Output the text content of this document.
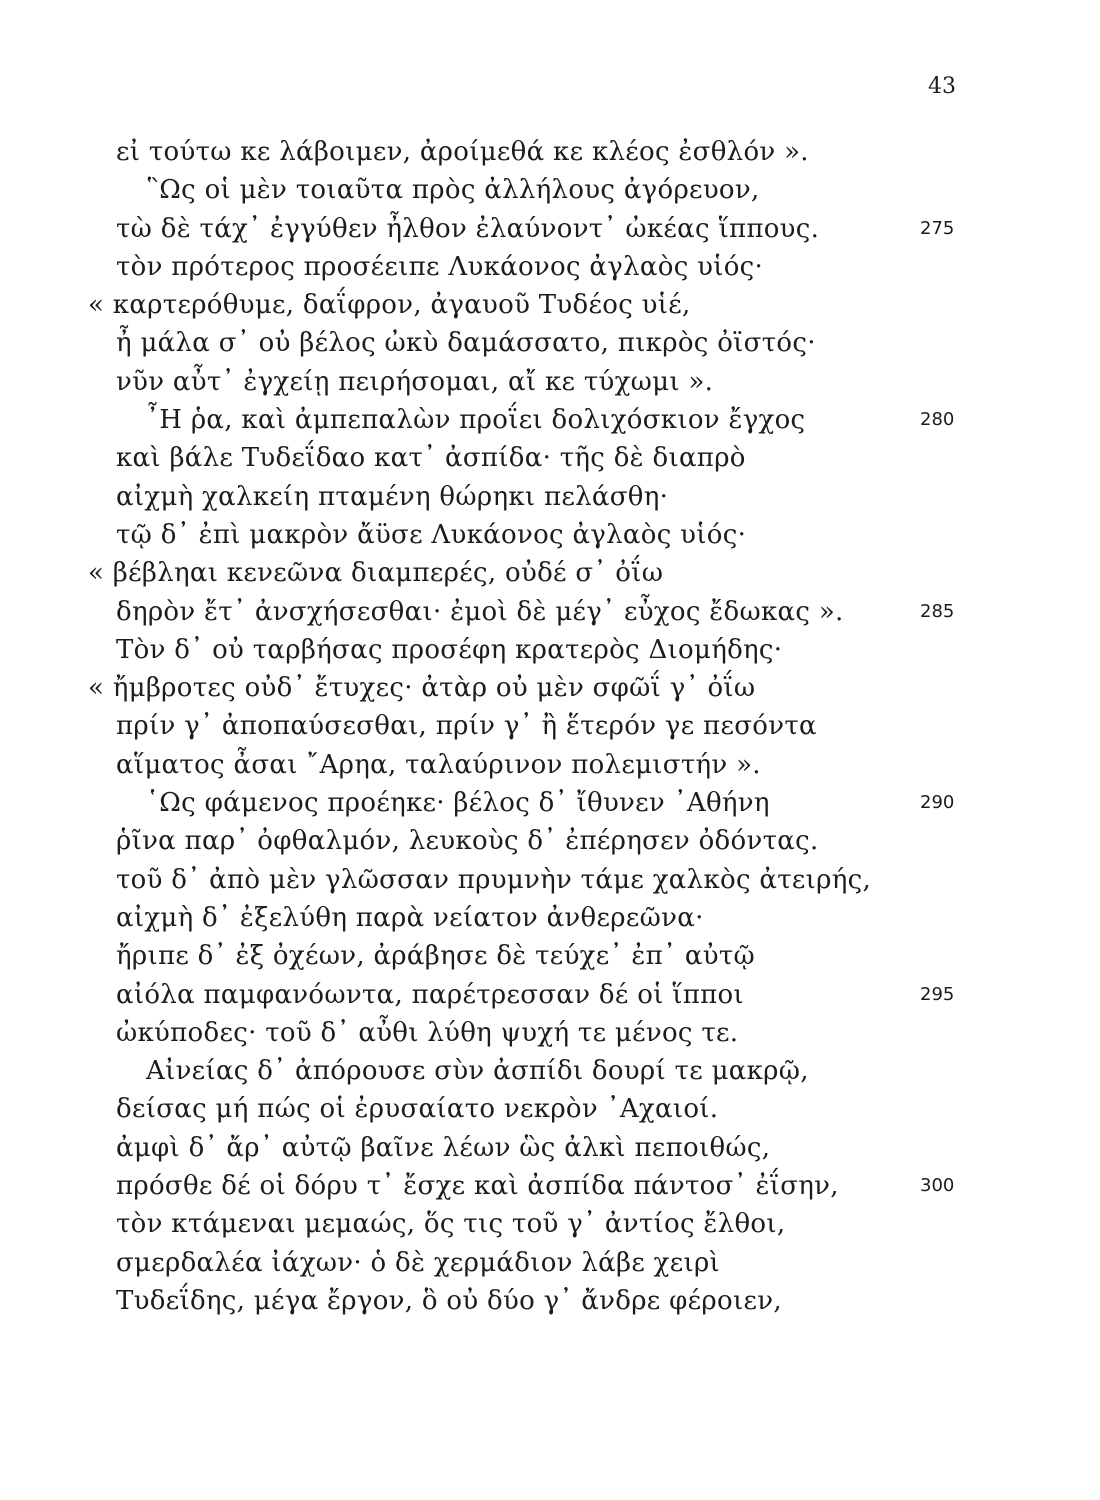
43
εἰ τούτω κε λάβοιμεν, ἀροίμεθά κε κλέος ἐσθλόν ».
῝Ως οἱ μὲν τοιαῦτα πρὸς ἀλλήλους ἀγόρευον,
τὼ δὲ τάχ᾽ ἐγγύθεν ἦλθον ἐλαύνοντ᾽ ὠκέας ἵππους.	275
τὸν πρότερος προσέειπε Λυκάονος ἀγλαὸς υἱός·
« καρτερόθυμε, δαΐφρον, ἀγαυοῦ Τυδέος υἱέ,
ἦ μάλα σ᾽ οὐ βέλος ὠκὺ δαμάσσατο, πικρὸς ὀϊστός·
νῦν αὖτ᾽ ἐγχείῃ πειρήσομαι, αἴ κε τύχωμι ».
῏Η ῥα, καὶ ἀμπεπαλὼν προΐει δολιχόσκιον ἔγχος	280
καὶ βάλε Τυδεΐδαο κατ᾽ ἀσπίδα· τῆς δὲ διαπρὸ
αἰχμὴ χαλκείη πταμένη θώρηκι πελάσθη·
τῷ δ᾽ ἐπὶ μακρὸν ἄϋσε Λυκάονος ἀγλαὸς υἱός·
« βέβληαι κενεῶνα διαμπερές, οὐδέ σ᾽ ὀΐω
δηρὸν ἔτ᾽ ἀνσχήσεσθαι· ἐμοὶ δὲ μέγ᾽ εὖχος ἔδωκας ».	285
Τὸν δ᾽ οὐ ταρβήσας προσέφη κρατερὸς Διομήδης·
« ἤμβροτες οὐδ᾽ ἔτυχες· ἀτὰρ οὐ μὲν σφῶΐ γ᾽ ὀΐω
πρίν γ᾽ ἀποπαύσεσθαι, πρίν γ᾽ ἢ ἕτερόν γε πεσόντα
αἵματος ἆσαι ῎Αρηα, ταλαύρινον πολεμιστήν ».
῾Ως φάμενος προέηκε· βέλος δ᾽ ἴθυνεν ᾽Αθήνη	290
ῥῖνα παρ᾽ ὀφθαλμόν, λευκοὺς δ᾽ ἐπέρησεν ὀδόντας.
τοῦ δ᾽ ἀπὸ μὲν γλῶσσαν πρυμνὴν τάμε χαλκὸς ἀτειρής,
αἰχμὴ δ᾽ ἐξελύθη παρὰ νείατον ἀνθερεῶνα·
ἤριπε δ᾽ ἐξ ὀχέων, ἀράβησε δὲ τεύχε᾽ ἐπ᾽ αὐτῷ
αἰόλα παμφανόωντα, παρέτρεσσαν δέ οἱ ἵπποι	295
ὠκύποδες· τοῦ δ᾽ αὖθι λύθη ψυχή τε μένος τε.
Αἰνείας δ᾽ ἀπόρουσε σὺν ἀσπίδι δουρί τε μακρῷ,
δείσας μή πώς οἱ ἐρυσαίατο νεκρὸν ᾽Αχαιοί.
ἀμφὶ δ᾽ ἄρ᾽ αὐτῷ βαῖνε λέων ὣς ἀλκὶ πεποιθώς,
πρόσθε δέ οἱ δόρυ τ᾽ ἔσχε καὶ ἀσπίδα πάντοσ᾽ ἐΐσην,	300
τὸν κτάμεναι μεμαώς, ὅς τις τοῦ γ᾽ ἀντίος ἔλθοι,
σμερδαλέα ἰάχων· ὁ δὲ χερμάδιον λάβε χειρὶ
Τυδεΐδης, μέγα ἔργον, ὃ οὐ δύο γ᾽ ἄνδρε φέροιεν,
